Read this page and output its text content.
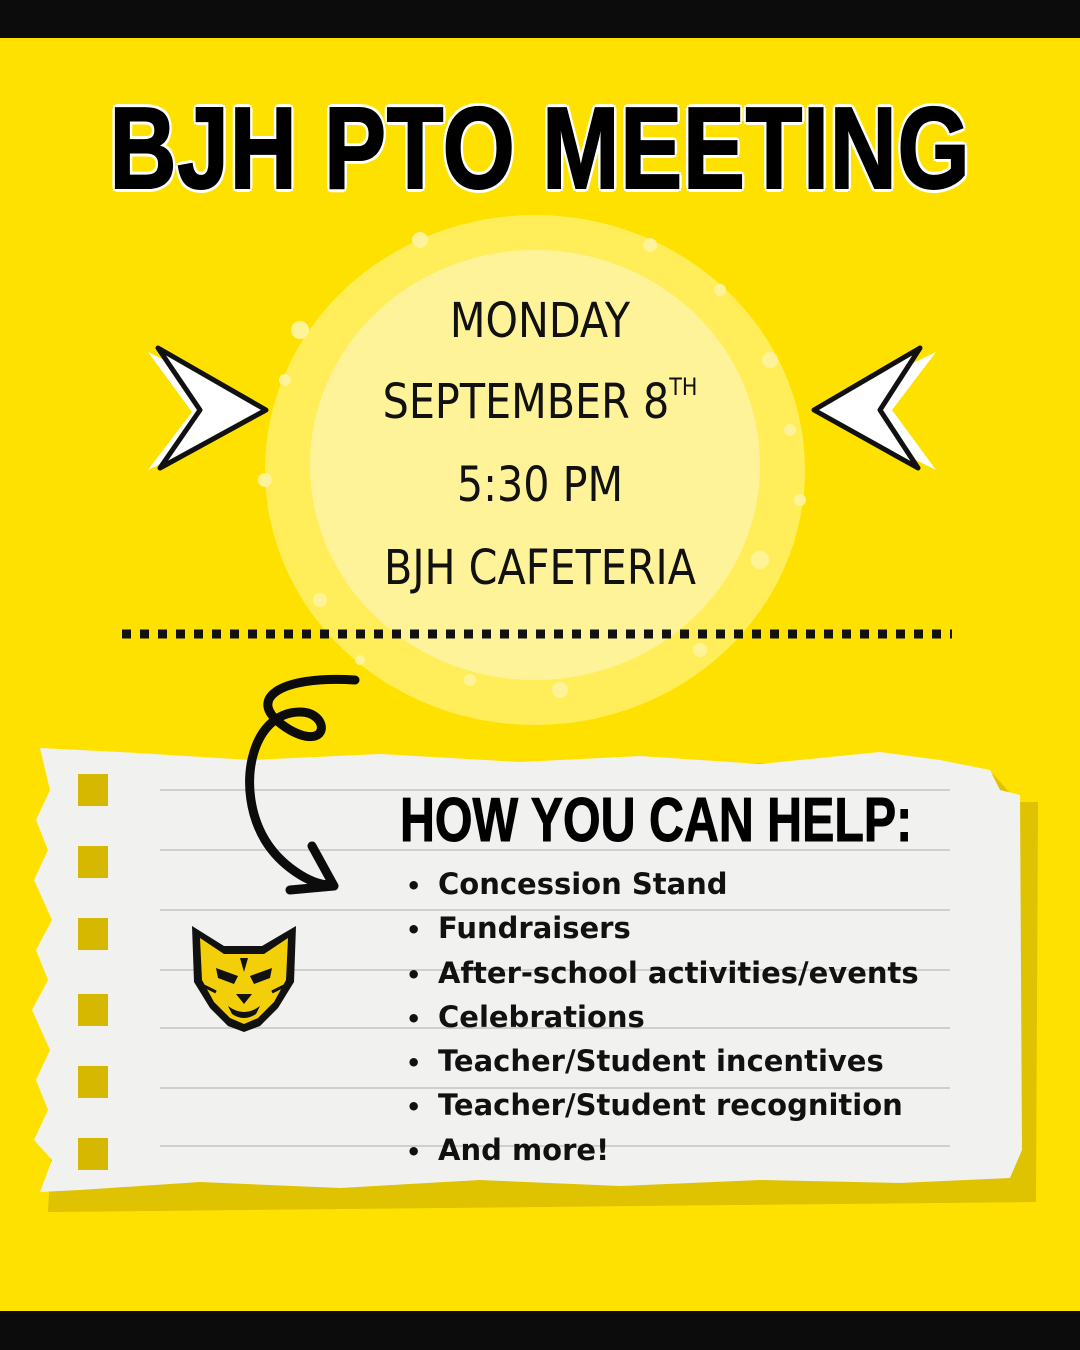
BJH PTO MEETING
MONDAY
SEPTEMBER 8TH
5:30 PM
BJH CAFETERIA
HOW YOU CAN HELP:
• Concession Stand
• Fundraisers
• After-school activities/events
• Celebrations
• Teacher/Student incentives
• Teacher/Student recognition
• And more!
